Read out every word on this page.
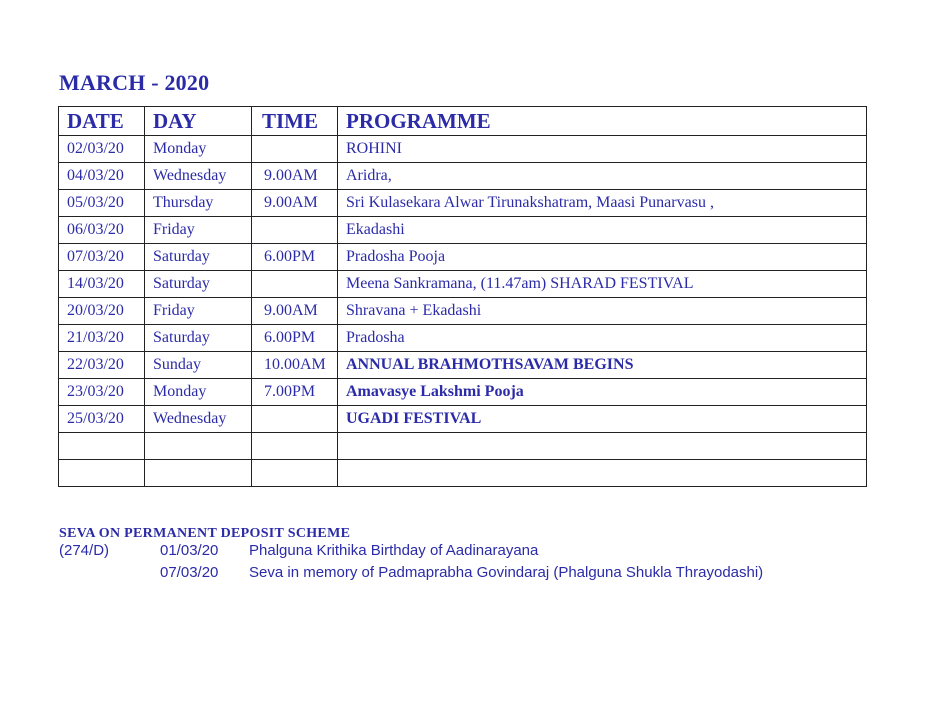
MARCH - 2020
DATE	DAY	TIME	PROGRAMME
02/03/20	Monday		ROHINI
04/03/20	Wednesday	9.00AM	Aridra,
05/03/20	Thursday	9.00AM	Sri Kulasekara Alwar Tirunakshatram, Maasi Punarvasu ,
06/03/20	Friday		Ekadashi
07/03/20	Saturday	6.00PM	Pradosha Pooja
14/03/20	Saturday		Meena Sankramana, (11.47am) SHARAD FESTIVAL
20/03/20	Friday	9.00AM	Shravana + Ekadashi
21/03/20	Saturday	6.00PM	Pradosha
22/03/20	Sunday	10.00AM	ANNUAL BRAHMOTHSAVAM BEGINS
23/03/20	Monday	7.00PM	Amavasye Lakshmi Pooja
25/03/20	Wednesday		UGADI FESTIVAL

SEVA ON PERMANENT DEPOSIT SCHEME
(274/D)	01/03/20 Phalguna Krithika Birthday of Aadinarayana
07/03/20 Seva in memory of Padmaprabha Govindaraj (Phalguna Shukla Thrayodashi)
